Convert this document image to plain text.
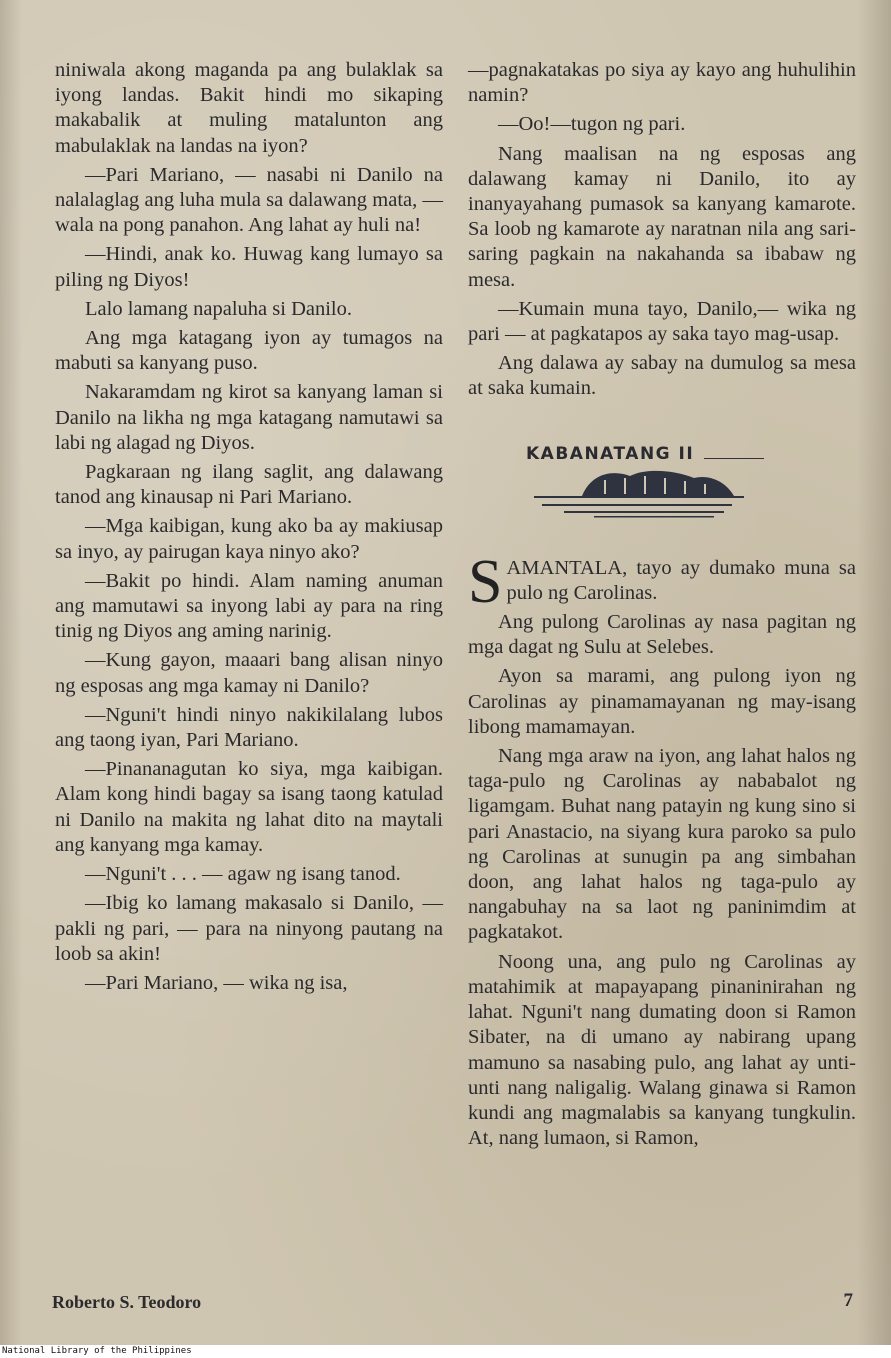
niniwala akong maganda pa ang bulaklak sa iyong landas. Bakit hindi mo sikaping makabalik at muling matalunton ang mabulaklak na landas na iyon?

—Pari Mariano, — nasabi ni Danilo na nalalaglag ang luha mula sa dalawang mata, — wala na pong panahon. Ang lahat ay huli na!

—Hindi, anak ko. Huwag kang lumayo sa piling ng Diyos!

Lalo lamang napaluha si Danilo.

Ang mga katagang iyon ay tumagos na mabuti sa kanyang puso.

Nakaramdam ng kirot sa kanyang laman si Danilo na likha ng mga katagang namutawi sa labi ng alagad ng Diyos.

Pagkaraan ng ilang saglit, ang dalawang tanod ang kinausap ni Pari Mariano.

—Mga kaibigan, kung ako ba ay makiusap sa inyo, ay pairugan kaya ninyo ako?

—Bakit po hindi. Alam naming anuman ang mamutawi sa inyong labi ay para na ring tinig ng Diyos ang aming narinig.

—Kung gayon, maaari bang alisan ninyo ng esposas ang mga kamay ni Danilo?

—Nguni't hindi ninyo nakikilalang lubos ang taong iyan, Pari Mariano.

—Pinananagutan ko siya, mga kaibigan. Alam kong hindi bagay sa isang taong katulad ni Danilo na makita ng lahat dito na maytali ang kanyang mga kamay.

—Nguni't . . . — agaw ng isang tanod.

—Ibig ko lamang makasalo si Danilo, — pakli ng pari, — para na ninyong pautang na loob sa akin!

—Pari Mariano, — wika ng isa,

—pagnakatakas po siya ay kayo ang huhulihin namin?

—Oo!—tugon ng pari.

Nang maalisan na ng esposas ang dalawang kamay ni Danilo, ito ay inanyayahang pumasok sa kanyang kamarote. Sa loob ng kamarote ay naratnan nila ang sari-saring pagkain na nakahanda sa ibabaw ng mesa.

—Kumain muna tayo, Danilo,— wika ng pari — at pagkatapos ay saka tayo mag-usap.

Ang dalawa ay sabay na dumulog sa mesa at saka kumain.

KABANATANG II

SAMANTALA, tayo ay dumako muna sa pulo ng Carolinas.

Ang pulong Carolinas ay nasa pagitan ng mga dagat ng Sulu at Selebes.

Ayon sa marami, ang pulong iyon ng Carolinas ay pinamamayanan ng may-isang libong mamamayan.

Nang mga araw na iyon, ang lahat halos ng taga-pulo ng Carolinas ay nababalot ng ligamgam. Buhat nang patayin ng kung sino si pari Anastacio, na siyang kura paroko sa pulo ng Carolinas at sunugin pa ang simbahan doon, ang lahat halos ng taga-pulo ay nangabuhay na sa laot ng paninimdim at pagkatakot.

Noong una, ang pulo ng Carolinas ay matahimik at mapayapang pinaninirahan ng lahat. Nguni't nang dumating doon si Ramon Sibater, na di umano ay nabirang upang mamuno sa nasabing pulo, ang lahat ay unti-unti nang naligalig. Walang ginawa si Ramon kundi ang magmalabis sa kanyang tungkulin. At, nang lumaon, si Ramon,

Roberto S. Teodoro	7
National Library of the Philippines
